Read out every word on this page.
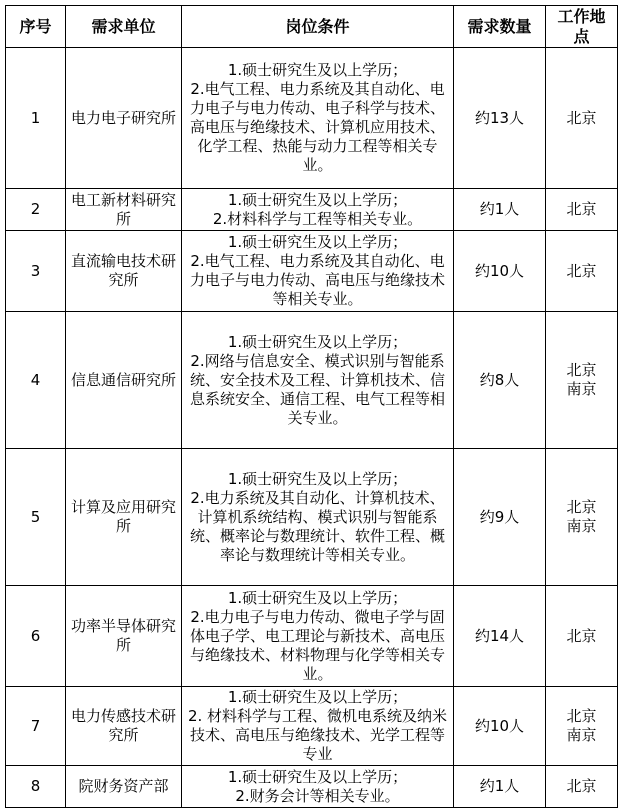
序号	需求单位	岗位条件	需求数量	工作地点
1	电力电子研究所	1.硕士研究生及以上学历；
2.电气工程、电力系统及其自动化、电力电子与电力传动、电子科学与技术、高电压与绝缘技术、计算机应用技术、化学工程、热能与动力工程等相关专业。	约13人	北京

2	电工新材料研究所	1.硕士研究生及以上学历；
2.材料科学与工程等相关专业。	约1人	北京

3	直流输电技术研究所	1.硕士研究生及以上学历；
2.电气工程、电力系统及其自动化、电力电子与电力传动、高电压与绝缘技术等相关专业。	约10人	北京

4	信息通信研究所	1.硕士研究生及以上学历；
2.网络与信息安全、模式识别与智能系统、安全技术及工程、计算机技术、信息系统安全、通信工程、电气工程等相关专业。	约8人	北京
南京

5	计算及应用研究所	1.硕士研究生及以上学历；
2.电力系统及其自动化、计算机技术、计算机系统结构、模式识别与智能系统、概率论与数理统计、软件工程、概率论与数理统计等相关专业。	约9人	北京
南京

6	功率半导体研究所	1.硕士研究生及以上学历；
2.电力电子与电力传动、微电子学与固体电子学、电工理论与新技术、高电压与绝缘技术、材料物理与化学等相关专业。	约14人	北京

7	电力传感技术研究所	1.硕士研究生及以上学历；
2. 材料科学与工程、微机电系统及纳米技术、高电压与绝缘技术、光学工程等专业	约10人	北京
南京

8	院财务资产部	1.硕士研究生及以上学历；
2.财务会计等相关专业。	约1人	北京
